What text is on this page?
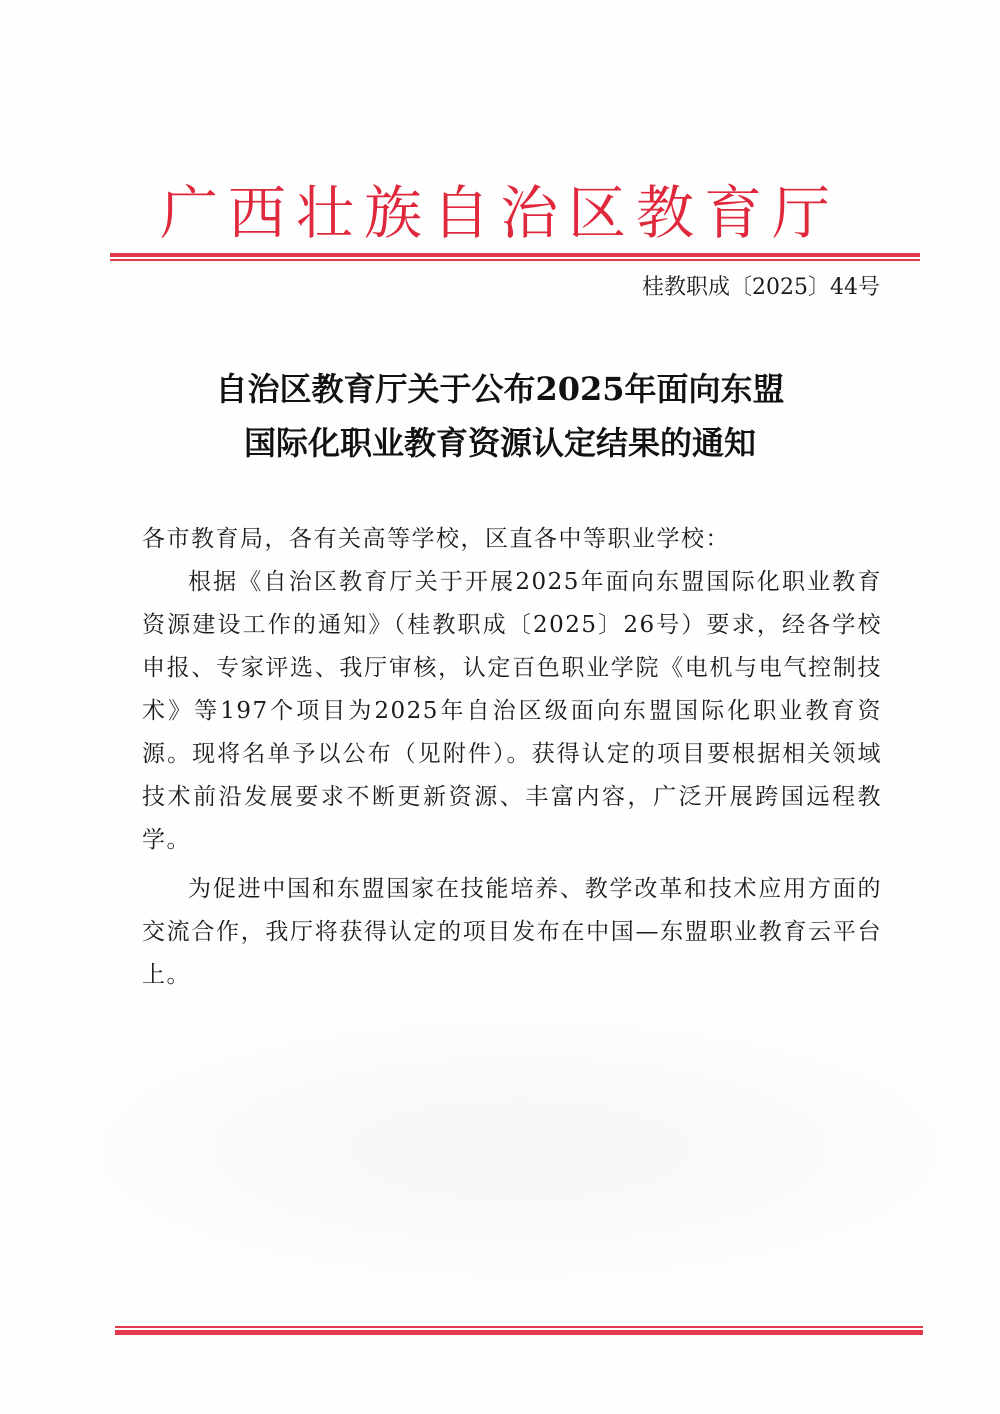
广西壮族自治区教育厅
桂教职成〔2025〕44号
自治区教育厅关于公布2025年面向东盟
国际化职业教育资源认定结果的通知

各市教育局，各有关高等学校，区直各中等职业学校：

根据《自治区教育厅关于开展2025年面向东盟国际化职业教育资源建设工作的通知》（桂教职成〔2025〕26号）要求，经各学校申报、专家评选、我厅审核，认定百色职业学院《电机与电气控制技术》等197个项目为2025年自治区级面向东盟国际化职业教育资源。现将名单予以公布（见附件）。获得认定的项目要根据相关领域技术前沿发展要求不断更新资源、丰富内容，广泛开展跨国远程教学。

为促进中国和东盟国家在技能培养、教学改革和技术应用方面的交流合作，我厅将获得认定的项目发布在中国—东盟职业教育云平台上。
